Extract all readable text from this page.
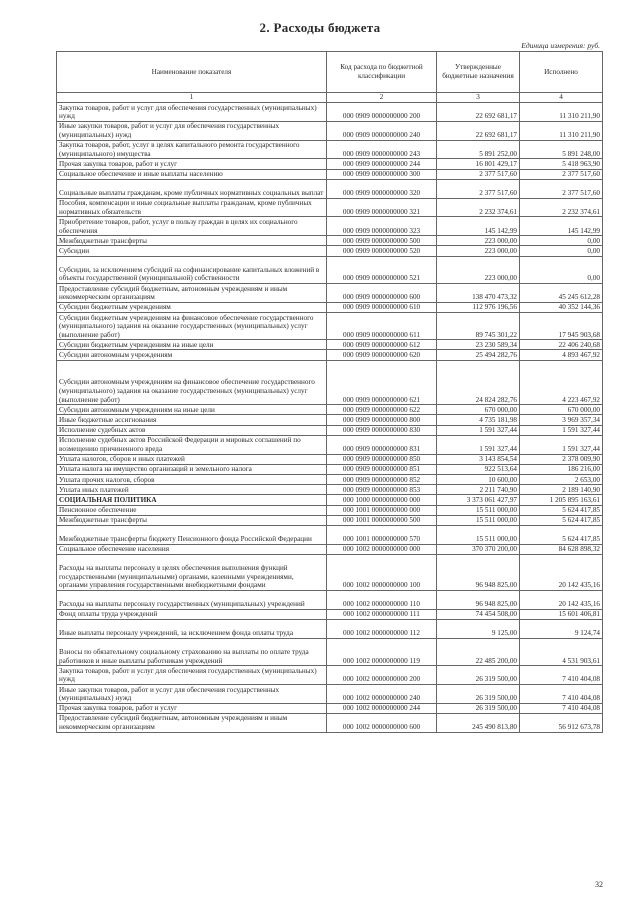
2. Расходы бюджета
Единица измерения: руб.
Наименование показателя	Код расхода по бюджетной классификации	Утвержденные бюджетные назначения	Исполнено
1	2	3	4
Закупка товаров, работ и услуг для обеспечения государственных (муниципальных) нужд	000 0909 0000000000 200	22 692 681,17	11 310 211,90
Иные закупки товаров, работ и услуг для обеспечения государственных (муниципальных) нужд	000 0909 0000000000 240	22 692 681,17	11 310 211,90
Закупка товаров, работ, услуг в целях капитального ремонта государственного (муниципального) имущества	000 0909 0000000000 243	5 891 252,00	5 891 248,00
Прочая закупка товаров, работ и услуг	000 0909 0000000000 244	16 801 429,17	5 418 963,90
Социальное обеспечение и иные выплаты населению	000 0909 0000000000 300	2 377 517,60	2 377 517,60
Социальные выплаты гражданам, кроме публичных нормативных социальных выплат	000 0909 0000000000 320	2 377 517,60	2 377 517,60
Пособия, компенсации и иные социальные выплаты гражданам, кроме публичных нормативных обязательств	000 0909 0000000000 321	2 232 374,61	2 232 374,61
Приобретение товаров, работ, услуг в пользу граждан в целях их социального обеспечения	000 0909 0000000000 323	145 142,99	145 142,99
Межбюджетные трансферты	000 0909 0000000000 500	223 000,00	0,00
Субсидии	000 0909 0000000000 520	223 000,00	0,00
Субсидии, за исключением субсидий на софинансирование капитальных вложений в объекты государственной (муниципальной) собственности	000 0909 0000000000 521	223 000,00	0,00
Предоставление субсидий бюджетным, автономным учреждениям и иным некоммерческим организациям	000 0909 0000000000 600	138 470 473,32	45 245 612,28
Субсидии бюджетным учреждениям	000 0909 0000000000 610	112 976 196,56	40 352 144,36
Субсидии бюджетным учреждениям на финансовое обеспечение государственного (муниципального) задания на оказание государственных (муниципальных) услуг (выполнение работ)	000 0909 0000000000 611	89 745 301,22	17 945 903,68
Субсидии бюджетным учреждениям на иные цели	000 0909 0000000000 612	23 230 589,34	22 406 240,68
Субсидии автономным учреждениям	000 0909 0000000000 620	25 494 282,76	4 893 467,92
Субсидии автономным учреждениям на финансовое обеспечение государственного (муниципального) задания на оказание государственных (муниципальных) услуг (выполнение работ)	000 0909 0000000000 621	24 824 282,76	4 223 467,92
Субсидии автономным учреждениям на иные цели	000 0909 0000000000 622	670 000,00	670 000,00
Иные бюджетные ассигнования	000 0909 0000000000 800	4 735 181,98	3 969 357,34
Исполнение судебных актов	000 0909 0000000000 830	1 591 327,44	1 591 327,44
Исполнение судебных актов Российской Федерации и мировых соглашений по возмещению причиненного вреда	000 0909 0000000000 831	1 591 327,44	1 591 327,44
Уплата налогов, сборов и иных платежей	000 0909 0000000000 850	3 143 854,54	2 378 009,90
Уплата налога на имущество организаций и земельного налога	000 0909 0000000000 851	922 513,64	186 216,00
Уплата прочих налогов, сборов	000 0909 0000000000 852	10 600,00	2 653,00
Уплата иных платежей	000 0909 0000000000 853	2 211 740,90	2 189 140,90
СОЦИАЛЬНАЯ ПОЛИТИКА	000 1000 0000000000 000	3 373 061 427,97	1 205 895 163,61
Пенсионное обеспечение	000 1001 0000000000 000	15 511 000,00	5 624 417,85
Межбюджетные трансферты	000 1001 0000000000 500	15 511 000,00	5 624 417,85
Межбюджетные трансферты бюджету Пенсионного фонда Российской Федерации	000 1001 0000000000 570	15 511 000,00	5 624 417,85
Социальное обеспечение населения	000 1002 0000000000 000	370 370 200,00	84 628 898,32
Расходы на выплаты персоналу в целях обеспечения выполнения функций государственными (муниципальными) органами, казенными учреждениями, органами управления государственными внебюджетными фондами	000 1002 0000000000 100	96 948 825,00	20 142 435,16
Расходы на выплаты персоналу государственных (муниципальных) учреждений	000 1002 0000000000 110	96 948 825,00	20 142 435,16
Фонд оплаты труда учреждений	000 1002 0000000000 111	74 454 508,00	15 601 406,81
Иные выплаты персоналу учреждений, за исключением фонда оплаты труда	000 1002 0000000000 112	9 125,00	9 124,74
Взносы по обязательному социальному страхованию на выплаты по оплате труда работников и иные выплаты работникам учреждений	000 1002 0000000000 119	22 485 200,00	4 531 903,61
Закупка товаров, работ и услуг для обеспечения государственных (муниципальных) нужд	000 1002 0000000000 200	26 319 500,00	7 410 404,08
Иные закупки товаров, работ и услуг для обеспечения государственных (муниципальных) нужд	000 1002 0000000000 240	26 319 500,00	7 410 404,08
Прочая закупка товаров, работ и услуг	000 1002 0000000000 244	26 319 500,00	7 410 404,08
Предоставление субсидий бюджетным, автономным учреждениям и иным некоммерческим организациям	000 1002 0000000000 600	245 490 813,80	56 912 673,78
32
